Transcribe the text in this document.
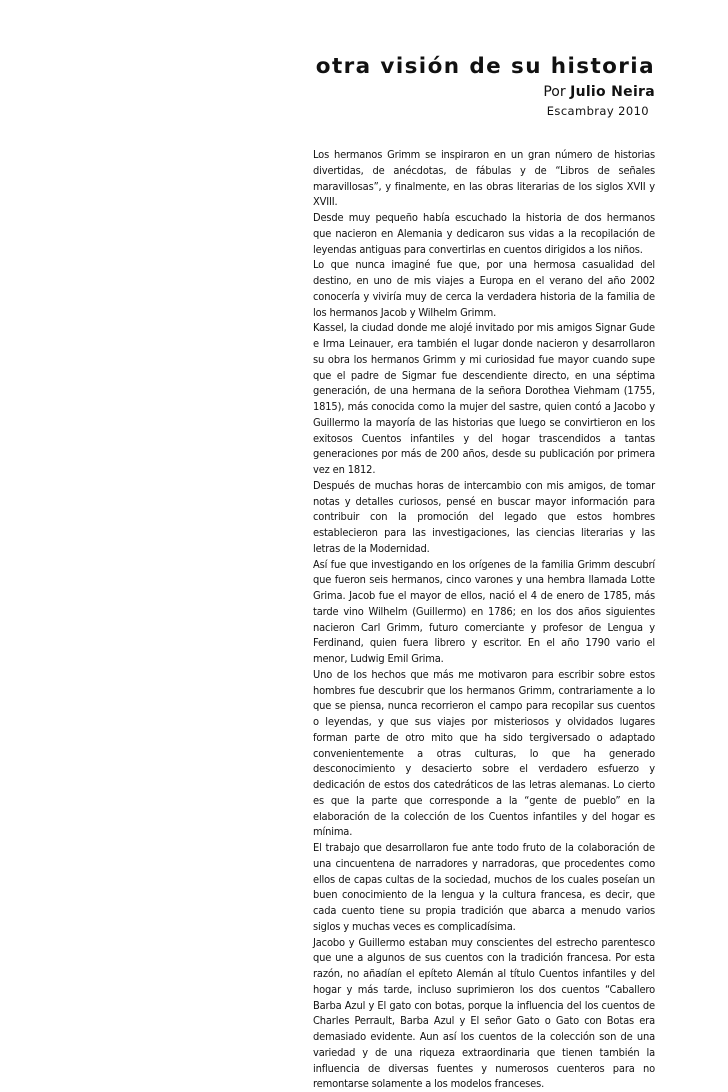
otra visión de su historia
Por Julio Neira
Escambray 2010

Los hermanos Grimm se inspiraron en un gran número de historias divertidas, de anécdotas, de fábulas y de “Libros de señales maravillosas”, y finalmente, en las obras literarias de los siglos XVII y XVIII.

Desde muy pequeño había escuchado la historia de dos hermanos que nacieron en Alemania y dedicaron sus vidas a la recopilación de leyendas antiguas para convertirlas en cuentos dirigidos a los niños.

Lo que nunca imaginé fue que, por una hermosa casualidad del destino, en uno de mis viajes a Europa en el verano del año 2002 conocería y viviría muy de cerca la verdadera historia de la familia de los hermanos Jacob y Wilhelm Grimm.

Kassel, la ciudad donde me alojé invitado por mis amigos Signar Gude e Irma Leinauer, era también el lugar donde nacieron y desarrollaron su obra los hermanos Grimm y mi curiosidad fue mayor cuando supe que el padre de Sigmar fue descendiente directo, en una séptima generación, de una hermana de la señora Dorothea Viehmam (1755, 1815), más conocida como la mujer del sastre, quien contó a Jacobo y Guillermo la mayoría de las historias que luego se convirtieron en los exitosos Cuentos infantiles y del hogar trascendidos a tantas generaciones por más de 200 años, desde su publicación por primera vez en 1812.

Después de muchas horas de intercambio con mis amigos, de tomar notas y detalles curiosos, pensé en buscar mayor información para contribuir con la promoción del legado que estos hombres establecieron para las investigaciones, las ciencias literarias y las letras de la Modernidad.

Así fue que investigando en los orígenes de la familia Grimm descubrí que fueron seis hermanos, cinco varones y una hembra llamada Lotte Grima. Jacob fue el mayor de ellos, nació el 4 de enero de 1785, más tarde vino Wilhelm (Guillermo) en 1786; en los dos años siguientes nacieron Carl Grimm, futuro comerciante y profesor de Lengua y Ferdinand, quien fuera librero y escritor. En el año 1790 vario el menor, Ludwig Emil Grima.

Uno de los hechos que más me motivaron para escribir sobre estos hombres fue descubrir que los hermanos Grimm, contrariamente a lo que se piensa, nunca recorrieron el campo para recopilar sus cuentos o leyendas, y que sus viajes por misteriosos y olvidados lugares forman parte de otro mito que ha sido tergiversado o adaptado convenientemente a otras culturas, lo que ha generado desconocimiento y desacierto sobre el verdadero esfuerzo y dedicación de estos dos catedráticos de las letras alemanas. Lo cierto es que la parte que corresponde a la “gente de pueblo” en la elaboración de la colección de los Cuentos infantiles y del hogar es mínima.

El trabajo que desarrollaron fue ante todo fruto de la colaboración de una cincuentena de narradores y narradoras, que procedentes como ellos de capas cultas de la sociedad, muchos de los cuales poseían un buen conocimiento de la lengua y la cultura francesa, es decir, que cada cuento tiene su propia tradición que abarca a menudo varios siglos y muchas veces es complicadísima.

Jacobo y Guillermo estaban muy conscientes del estrecho parentesco que une a algunos de sus cuentos con la tradición francesa. Por esta razón, no añadían el epíteto Alemán al título Cuentos infantiles y del hogar y más tarde, incluso suprimieron los dos cuentos “Caballero Barba Azul y El gato con botas, porque la influencia del los cuentos de Charles Perrault, Barba Azul y El señor Gato o Gato con Botas era demasiado evidente. Aun así los cuentos de la colección son de una variedad y de una riqueza extraordinaria que tienen también la influencia de diversas fuentes y numerosos cuenteros para no remontarse solamente a los modelos franceses.
